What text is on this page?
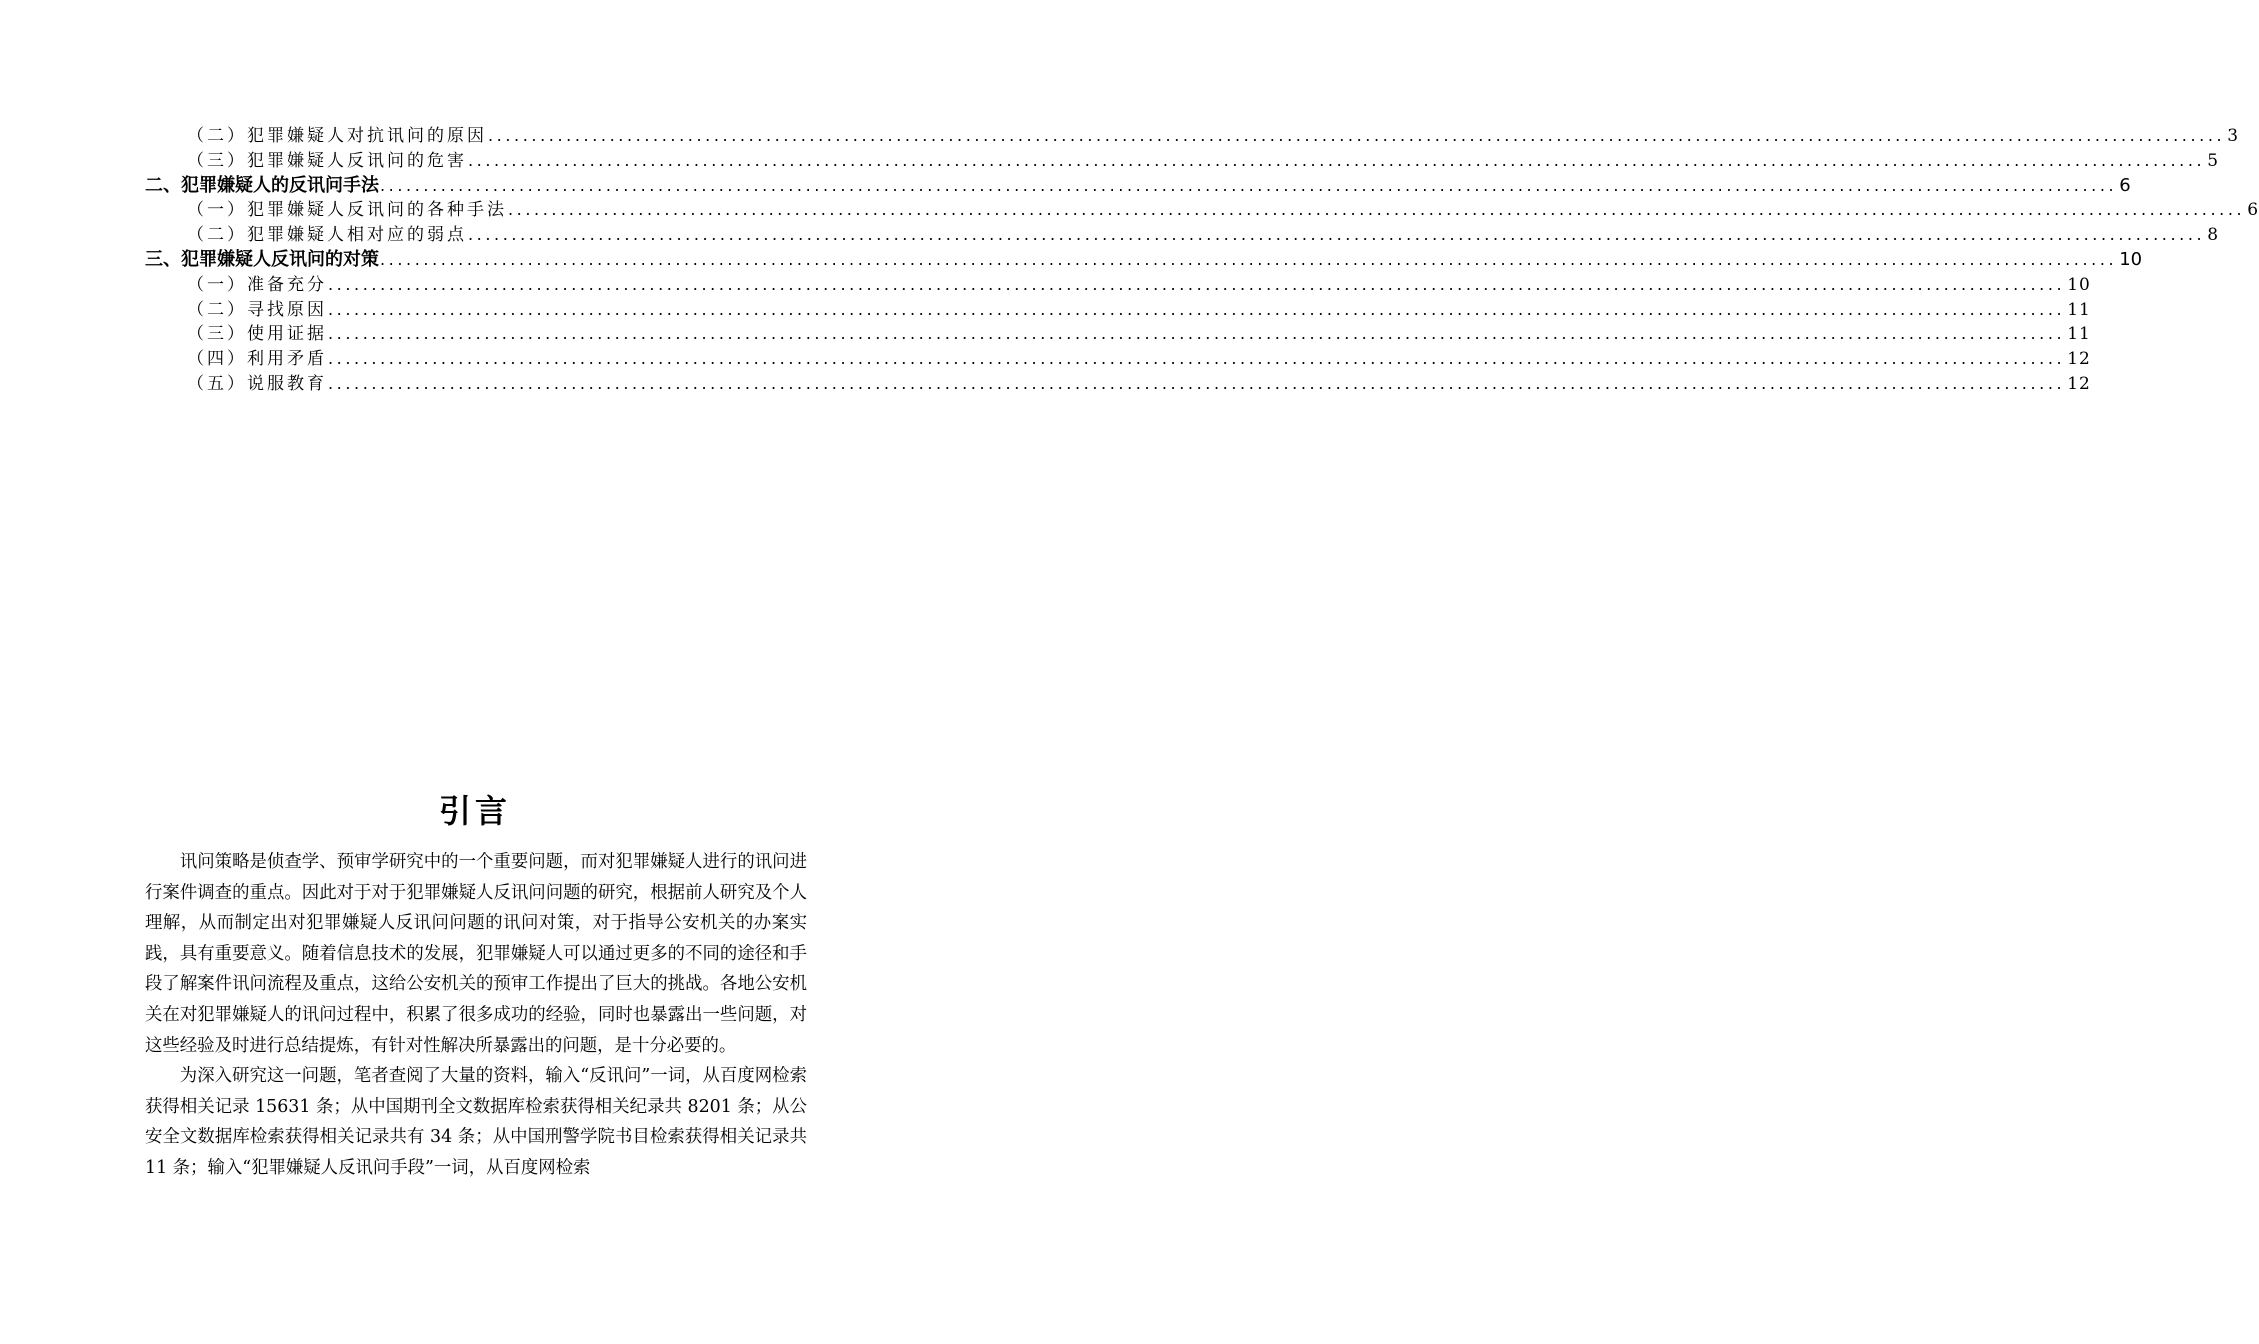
（二）犯罪嫌疑人对抗讯问的原因 ........................................................................................................................................................................................................ 3
（三）犯罪嫌疑人反讯问的危害 ........................................................................................................................................................................................................ 5
二、犯罪嫌疑人的反讯问手法 ........................................................................................................................................................................................................ 6
（一）犯罪嫌疑人反讯问的各种手法 ........................................................................................................................................................................................................ 6
（二）犯罪嫌疑人相对应的弱点 ........................................................................................................................................................................................................ 8
三、犯罪嫌疑人反讯问的对策 ........................................................................................................................................................................................................ 10
（一）准备充分 ........................................................................................................................................................................................................ 10
（二）寻找原因 ........................................................................................................................................................................................................ 11
（三）使用证据 ........................................................................................................................................................................................................ 11
（四）利用矛盾 ........................................................................................................................................................................................................ 12
（五）说服教育 ........................................................................................................................................................................................................ 12
引言

讯问策略是侦查学、预审学研究中的一个重要问题，而对犯罪嫌疑人进行的讯问进行案件调查的重点。因此对于对于犯罪嫌疑人反讯问问题的研究，根据前人研究及个人理解，从而制定出对犯罪嫌疑人反讯问问题的讯问对策，对于指导公安机关的办案实践，具有重要意义。随着信息技术的发展，犯罪嫌疑人可以通过更多的不同的途径和手段了解案件讯问流程及重点，这给公安机关的预审工作提出了巨大的挑战。各地公安机关在对犯罪嫌疑人的讯问过程中，积累了很多成功的经验，同时也暴露出一些问题，对这些经验及时进行总结提炼，有针对性解决所暴露出的问题，是十分必要的。

为深入研究这一问题，笔者查阅了大量的资料，输入“反讯问”一词，从百度网检索获得相关记录 15631 条；从中国期刊全文数据库检索获得相关纪录共 8201 条；从公安全文数据库检索获得相关记录共有 34 条；从中国刑警学院书目检索获得相关记录共 11 条；输入“犯罪嫌疑人反讯问手段”一词，从百度网检索
